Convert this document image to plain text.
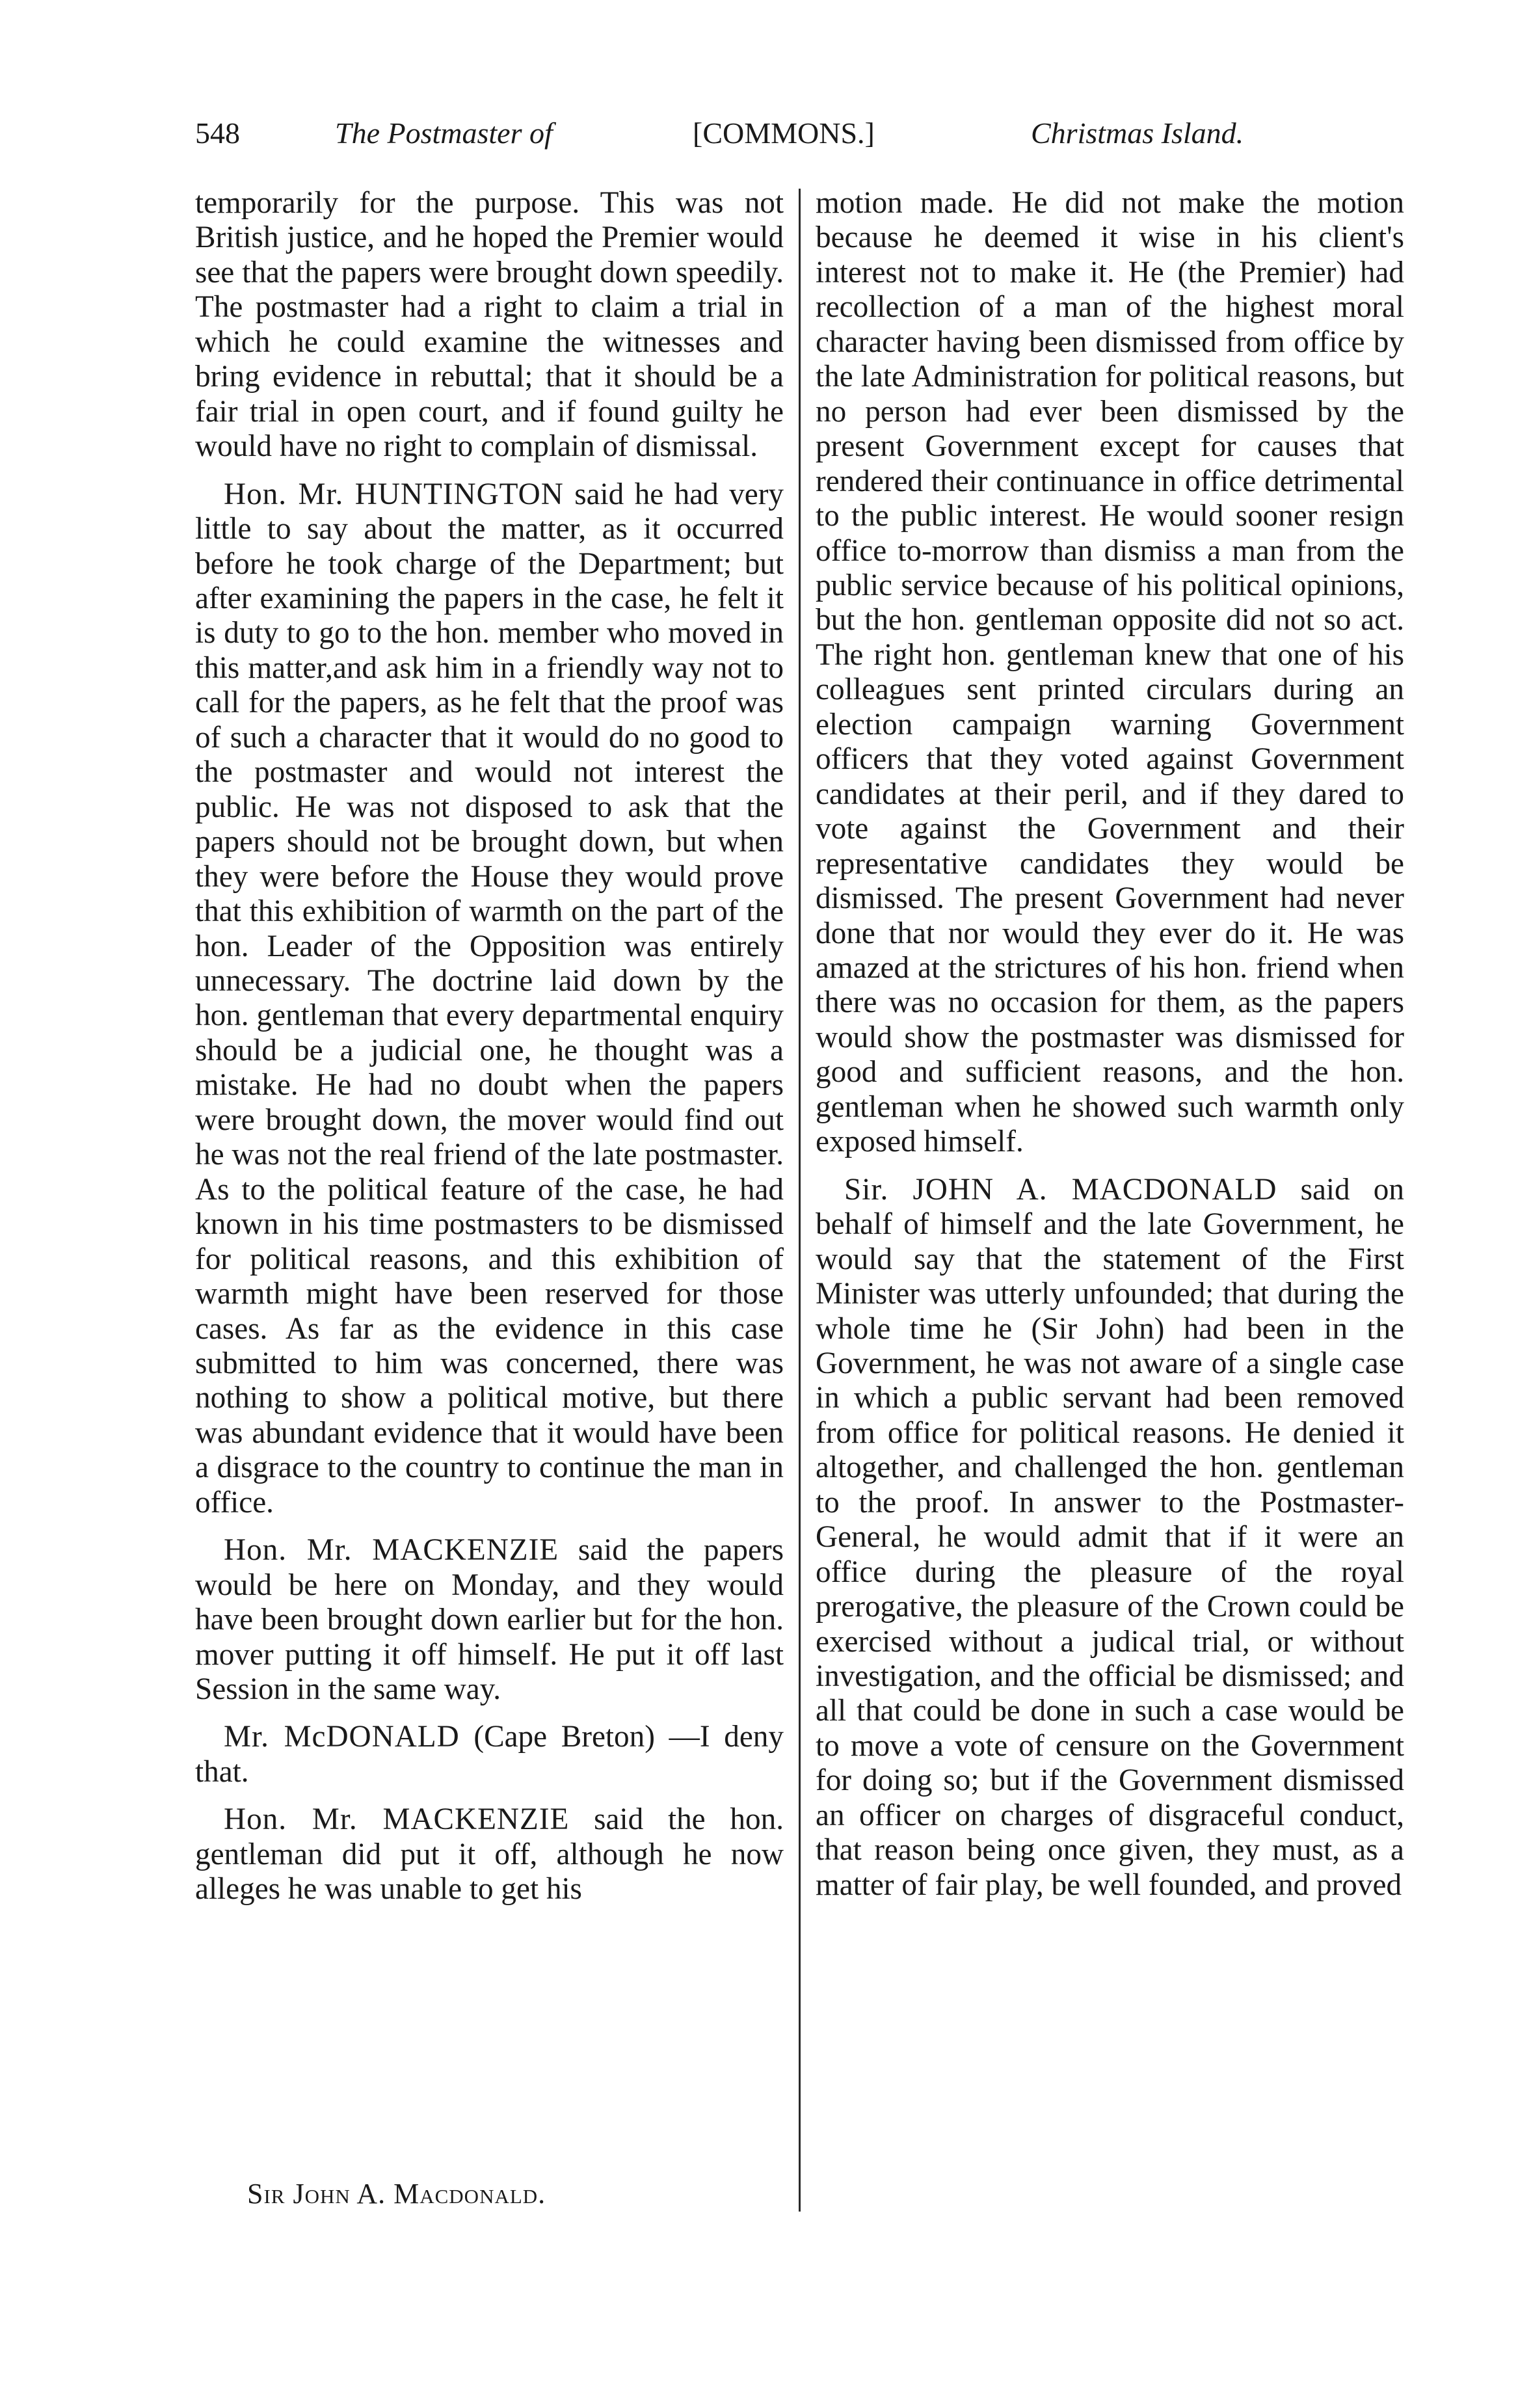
548	The Postmaster of	[COMMONS.]	Christmas Island.

temporarily for the purpose. This was not British justice, and he hoped the Premier would see that the papers were brought down speedily. The postmaster had a right to claim a trial in which he could examine the witnesses and bring evidence in rebuttal; that it should be a fair trial in open court, and if found guilty he would have no right to complain of dismissal.

Hon. Mr. HUNTINGTON said he had very little to say about the matter, as it occurred before he took charge of the Department; but after examining the papers in the case, he felt it is duty to go to the hon. member who moved in this matter,and ask him in a friendly way not to call for the papers, as he felt that the proof was of such a character that it would do no good to the postmaster and would not interest the public. He was not disposed to ask that the papers should not be brought down, but when they were before the House they would prove that this exhibition of warmth on the part of the hon. Leader of the Opposition was entirely unnecessary. The doctrine laid down by the hon. gentleman that every departmental enquiry should be a judicial one, he thought was a mistake. He had no doubt when the papers were brought down, the mover would find out he was not the real friend of the late postmaster. As to the political feature of the case, he had known in his time postmasters to be dismissed for political reasons, and this exhibition of warmth might have been reserved for those cases. As far as the evidence in this case submitted to him was concerned, there was nothing to show a political motive, but there was abundant evidence that it would have been a disgrace to the country to continue the man in office.

Hon. Mr. MACKENZIE said the papers would be here on Monday, and they would have been brought down earlier but for the hon. mover putting it off himself. He put it off last Session in the same way.

Mr. McDONALD (Cape Breton) —I deny that.

Hon. Mr. MACKENZIE said the hon. gentleman did put it off, although he now alleges he was unable to get his

motion made. He did not make the motion because he deemed it wise in his client's interest not to make it. He (the Premier) had recollection of a man of the highest moral character having been dismissed from office by the late Administration for political reasons, but no person had ever been dismissed by the present Government except for causes that rendered their continuance in office detrimental to the public interest. He would sooner resign office to-morrow than dismiss a man from the public service because of his political opinions, but the hon. gentleman opposite did not so act. The right hon. gentleman knew that one of his colleagues sent printed circulars during an election campaign warning Government officers that they voted against Government candidates at their peril, and if they dared to vote against the Government and their representative candidates they would be dismissed. The present Government had never done that nor would they ever do it. He was amazed at the strictures of his hon. friend when there was no occasion for them, as the papers would show the postmaster was dismissed for good and sufficient reasons, and the hon. gentleman when he showed such warmth only exposed himself.

Sir. JOHN A. MACDONALD said on behalf of himself and the late Government, he would say that the statement of the First Minister was utterly unfounded; that during the whole time he (Sir John) had been in the Government, he was not aware of a single case in which a public servant had been removed from office for political reasons. He denied it altogether, and challenged the hon. gentleman to the proof. In answer to the Postmaster-General, he would admit that if it were an office during the pleasure of the royal prerogative, the pleasure of the Crown could be exercised without a judical trial, or without investigation, and the official be dismissed; and all that could be done in such a case would be to move a vote of censure on the Government for doing so; but if the Government dismissed an officer on charges of disgraceful conduct, that reason being once given, they must, as a matter of fair play, be well founded, and proved

Sir John A. Macdonald.
